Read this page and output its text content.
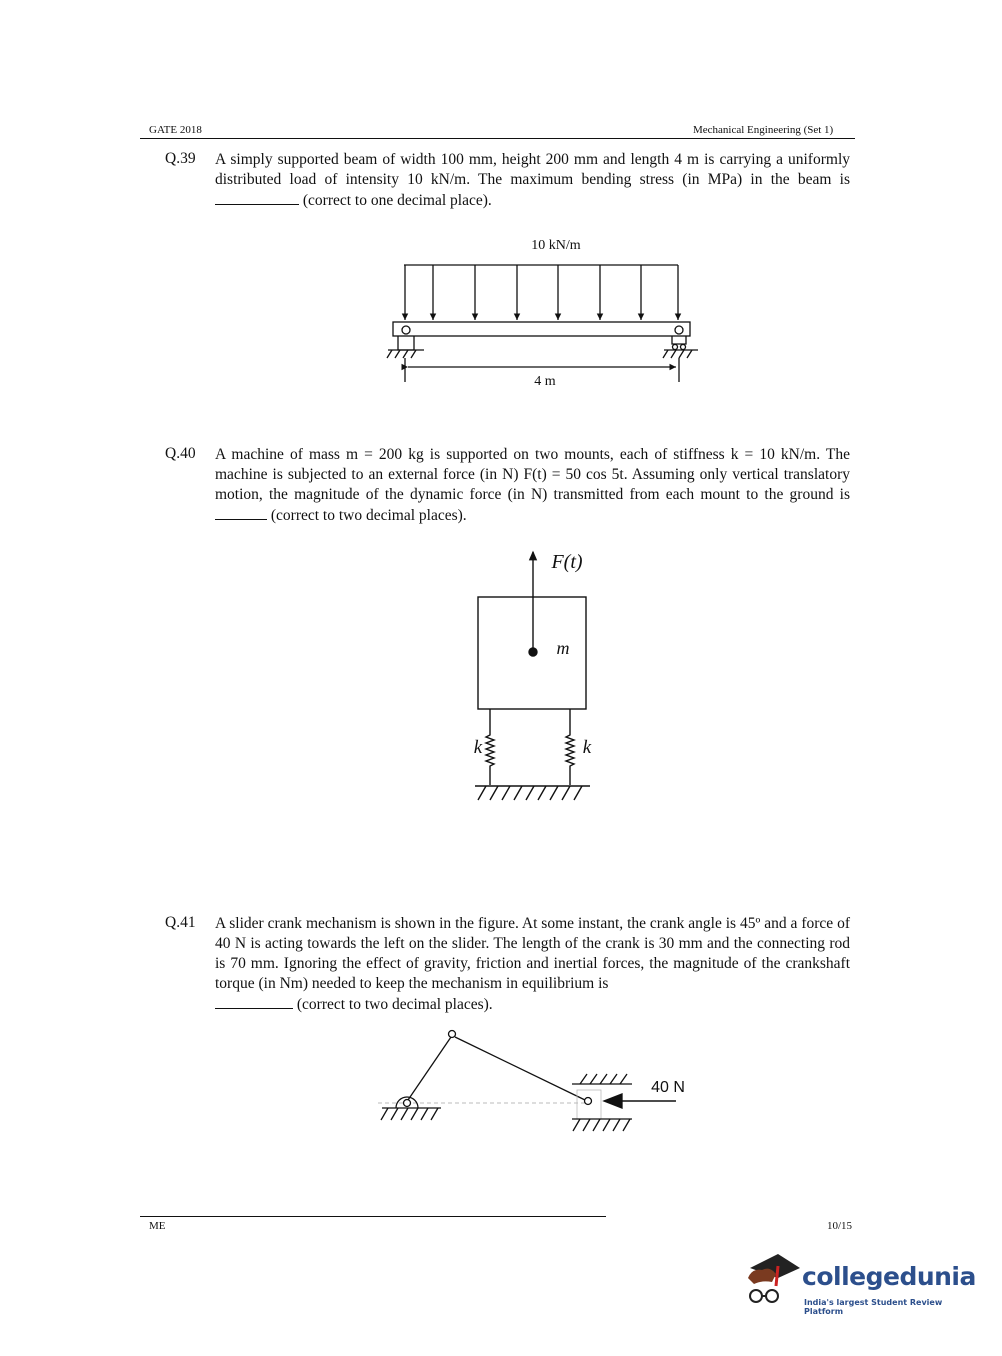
GATE 2018	Mechanical Engineering (Set 1)
Q.39 A simply supported beam of width 100 mm, height 200 mm and length 4 m is carrying a uniformly distributed load of intensity 10 kN/m. The maximum bending stress (in MPa) in the beam is  (correct to one decimal place).
Q.40 A machine of mass m = 200 kg is supported on two mounts, each of stiffness k = 10 kN/m. The machine is subjected to an external force (in N) F(t) = 50 cos 5t. Assuming only vertical translatory motion, the magnitude of the dynamic force (in N) transmitted from each mount to the ground is  (correct to two decimal places).
Q.41 A slider crank mechanism is shown in the figure. At some instant, the crank angle is 45º and a force of 40 N is acting towards the left on the slider. The length of the crank is 30 mm and the connecting rod is 70 mm. Ignoring the effect of gravity, friction and inertial forces, the magnitude of the crankshaft torque (in Nm) needed to keep the mechanism in equilibrium is
(correct to two decimal places).
10 kN/m
4 m
F(t)
m
k	k
40 N
ME	10/15
collegedunia
India's largest Student Review Platform
